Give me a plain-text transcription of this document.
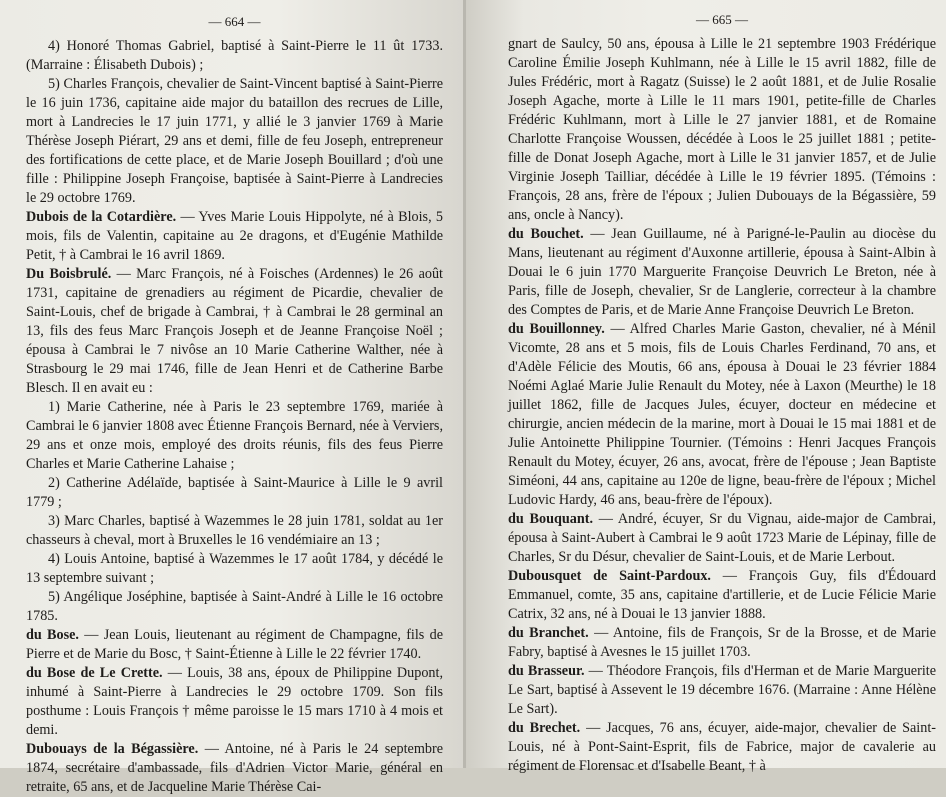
— 664 —

4) Honoré Thomas Gabriel, baptisé à Saint-Pierre le 11 ût 1733. (Marraine : Élisabeth Dubois) ;

5) Charles François, chevalier de Saint-Vincent baptisé à Saint-Pierre le 16 juin 1736, capitaine aide major du bataillon des recrues de Lille, mort à Landrecies le 17 juin 1771, y allié le 3 janvier 1769 à Marie Thérèse Joseph Piérart, 29 ans et demi, fille de feu Joseph, entrepreneur des fortifications de cette place, et de Marie Joseph Bouillard ; d'où une fille : Philippine Joseph Françoise, baptisée à Saint-Pierre à Landrecies le 29 octobre 1769.

Dubois de la Cotardière. — Yves Marie Louis Hippolyte, né à Blois, 5 mois, fils de Valentin, capitaine au 2e dragons, et d'Eugénie Mathilde Petit, † à Cambrai le 16 avril 1869.

Du Boisbrulé. — Marc François, né à Foisches (Ardennes) le 26 août 1731, capitaine de grenadiers au régiment de Picardie, chevalier de Saint-Louis, chef de brigade à Cambrai, † à Cambrai le 28 germinal an 13, fils des feus Marc François Joseph et de Jeanne Françoise Noël ; épousa à Cambrai le 7 nivôse an 10 Marie Catherine Walther, née à Strasbourg le 29 mai 1746, fille de Jean Henri et de Catherine Barbe Blesch. Il en avait eu :

1) Marie Catherine, née à Paris le 23 septembre 1769, mariée à Cambrai le 6 janvier 1808 avec Étienne François Bernard, née à Verviers, 29 ans et onze mois, employé des droits réunis, fils des feus Pierre Charles et Marie Catherine Lahaise ;

2) Catherine Adélaïde, baptisée à Saint-Maurice à Lille le 9 avril 1779 ;

3) Marc Charles, baptisé à Wazemmes le 28 juin 1781, soldat au 1er chasseurs à cheval, mort à Bruxelles le 16 vendémiaire an 13 ;

4) Louis Antoine, baptisé à Wazemmes le 17 août 1784, y décédé le 13 septembre suivant ;

5) Angélique Joséphine, baptisée à Saint-André à Lille le 16 octobre 1785.

du Bose. — Jean Louis, lieutenant au régiment de Champagne, fils de Pierre et de Marie du Bosc, † Saint-Étienne à Lille le 22 février 1740.

du Bose de Le Crette. — Louis, 38 ans, époux de Philippine Dupont, inhumé à Saint-Pierre à Landrecies le 29 octobre 1709. Son fils posthume : Louis François † même paroisse le 15 mars 1710 à 4 mois et demi.

Dubouays de la Bégassière. — Antoine, né à Paris le 24 septembre 1874, secrétaire d'ambassade, fils d'Adrien Victor Marie, général en retraite, 65 ans, et de Jacqueline Marie Thérèse Cai-

— 665 —

gnart de Saulcy, 50 ans, épousa à Lille le 21 septembre 1903 Frédérique Caroline Émilie Joseph Kuhlmann, née à Lille le 15 avril 1882, fille de Jules Frédéric, mort à Ragatz (Suisse) le 2 août 1881, et de Julie Rosalie Joseph Agache, morte à Lille le 11 mars 1901, petite-fille de Charles Frédéric Kuhlmann, mort à Lille le 27 janvier 1881, et de Romaine Charlotte Françoise Woussen, décédée à Loos le 25 juillet 1881 ; petite-fille de Donat Joseph Agache, mort à Lille le 31 janvier 1857, et de Julie Virginie Joseph Tailliar, décédée à Lille le 19 février 1895. (Témoins : François, 28 ans, frère de l'époux ; Julien Dubouays de la Bégassière, 59 ans, oncle à Nancy).

du Bouchet. — Jean Guillaume, né à Parigné-le-Paulin au diocèse du Mans, lieutenant au régiment d'Auxonne artillerie, épousa à Saint-Albin à Douai le 6 juin 1770 Marguerite Françoise Deuvrich Le Breton, née à Paris, fille de Joseph, chevalier, Sr de Langlerie, correcteur à la chambre des Comptes de Paris, et de Marie Anne Françoise Deuvrich Le Breton.

du Bouillonney. — Alfred Charles Marie Gaston, chevalier, né à Ménil Vicomte, 28 ans et 5 mois, fils de Louis Charles Ferdinand, 70 ans, et d'Adèle Félicie des Moutis, 66 ans, épousa à Douai le 23 février 1884 Noémi Aglaé Marie Julie Renault du Motey, née à Laxon (Meurthe) le 18 juillet 1862, fille de Jacques Jules, écuyer, docteur en médecine et chirurgie, ancien médecin de la marine, mort à Douai le 15 mai 1881 et de Julie Antoinette Philippine Tournier. (Témoins : Henri Jacques François Renault du Motey, écuyer, 26 ans, avocat, frère de l'épouse ; Jean Baptiste Siméoni, 44 ans, capitaine au 120e de ligne, beau-frère de l'époux ; Michel Ludovic Hardy, 46 ans, beau-frère de l'époux).

du Bouquant. — André, écuyer, Sr du Vignau, aide-major de Cambrai, épousa à Saint-Aubert à Cambrai le 9 août 1723 Marie de Lépinay, fille de Charles, Sr du Désur, chevalier de Saint-Louis, et de Marie Lerbout.

Dubousquet de Saint-Pardoux. — François Guy, fils d'Édouard Emmanuel, comte, 35 ans, capitaine d'artillerie, et de Lucie Félicie Marie Catrix, 32 ans, né à Douai le 13 janvier 1888.

du Branchet. — Antoine, fils de François, Sr de la Brosse, et de Marie Fabry, baptisé à Avesnes le 15 juillet 1703.

du Brasseur. — Théodore François, fils d'Herman et de Marie Marguerite Le Sart, baptisé à Assevent le 19 décembre 1676. (Marraine : Anne Hélène Le Sart).

du Brechet. — Jacques, 76 ans, écuyer, aide-major, chevalier de Saint-Louis, né à Pont-Saint-Esprit, fils de Fabrice, major de cavalerie au régiment de Florensac et d'Isabelle Beant, † à
